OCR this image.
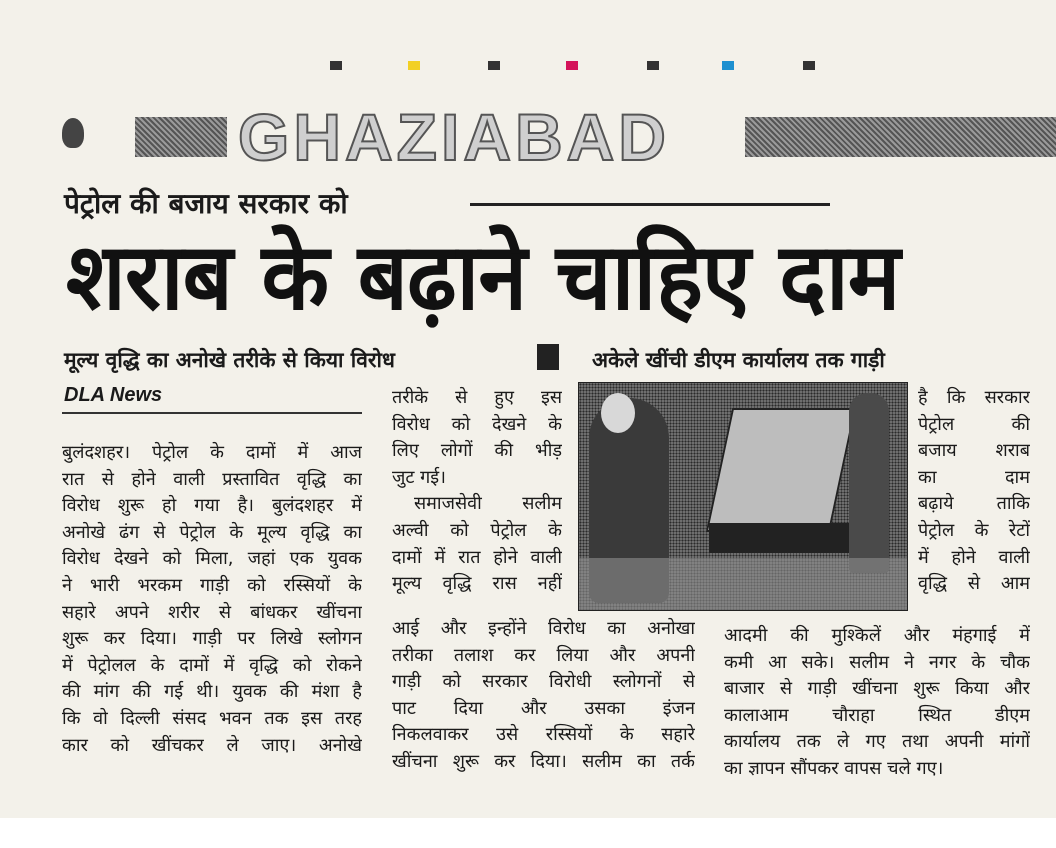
GHAZIABAD
पेट्रोल की बजाय सरकार को
शराब के बढ़ाने चाहिए दाम
मूल्य वृद्धि का अनोखे तरीके से किया विरोध	अकेले खींची डीएम कार्यालय तक गाड़ी
DLA News
बुलंदशहर। पेट्रोल के दामों में आज
रात से होने वाली प्रस्तावित वृद्धि का
विरोध शुरू हो गया है। बुलंदशहर में
अनोखे ढंग से पेट्रोल के मूल्य वृद्धि का
विरोध देखने को मिला, जहां एक युवक
ने भारी भरकम गाड़ी को रस्सियों के
सहारे अपने शरीर से बांधकर खींचना
शुरू कर दिया। गाड़ी पर लिखे स्लोगन
में पेट्रोलल के दामों में वृद्धि को रोकने
की मांग की गई थी। युवक की मंशा है
कि वो दिल्ली संसद भवन तक इस तरह
कार को खींचकर ले जाए। अनोखे
तरीके से हुए इस
विरोध को देखने के
लिए लोगों की भीड़
जुट गई।
समाजसेवी सलीम
अल्वी को पेट्रोल के
दामों में रात होने वाली
मूल्य वृद्धि रास नहीं
आई और इन्होंने विरोध का अनोखा
तरीका तलाश कर लिया और अपनी
गाड़ी को सरकार विरोधी स्लोगनों से
पाट दिया और उसका इंजन
निकलवाकर उसे रस्सियों के सहारे
खींचना शुरू कर दिया। सलीम का तर्क
है कि सरकार
पेट्रोल की
बजाय शराब
का दाम
बढ़ाये ताकि
पेट्रोल के रेटों
में होने वाली
वृद्धि से आम
आदमी की मुश्किलें और मंहगाई में
कमी आ सके। सलीम ने नगर के चौक
बाजार से गाड़ी खींचना शुरू किया और
कालाआम चौराहा स्थित डीएम
कार्यालय तक ले गए तथा अपनी मांगों
का ज्ञापन सौंपकर वापस चले गए।
